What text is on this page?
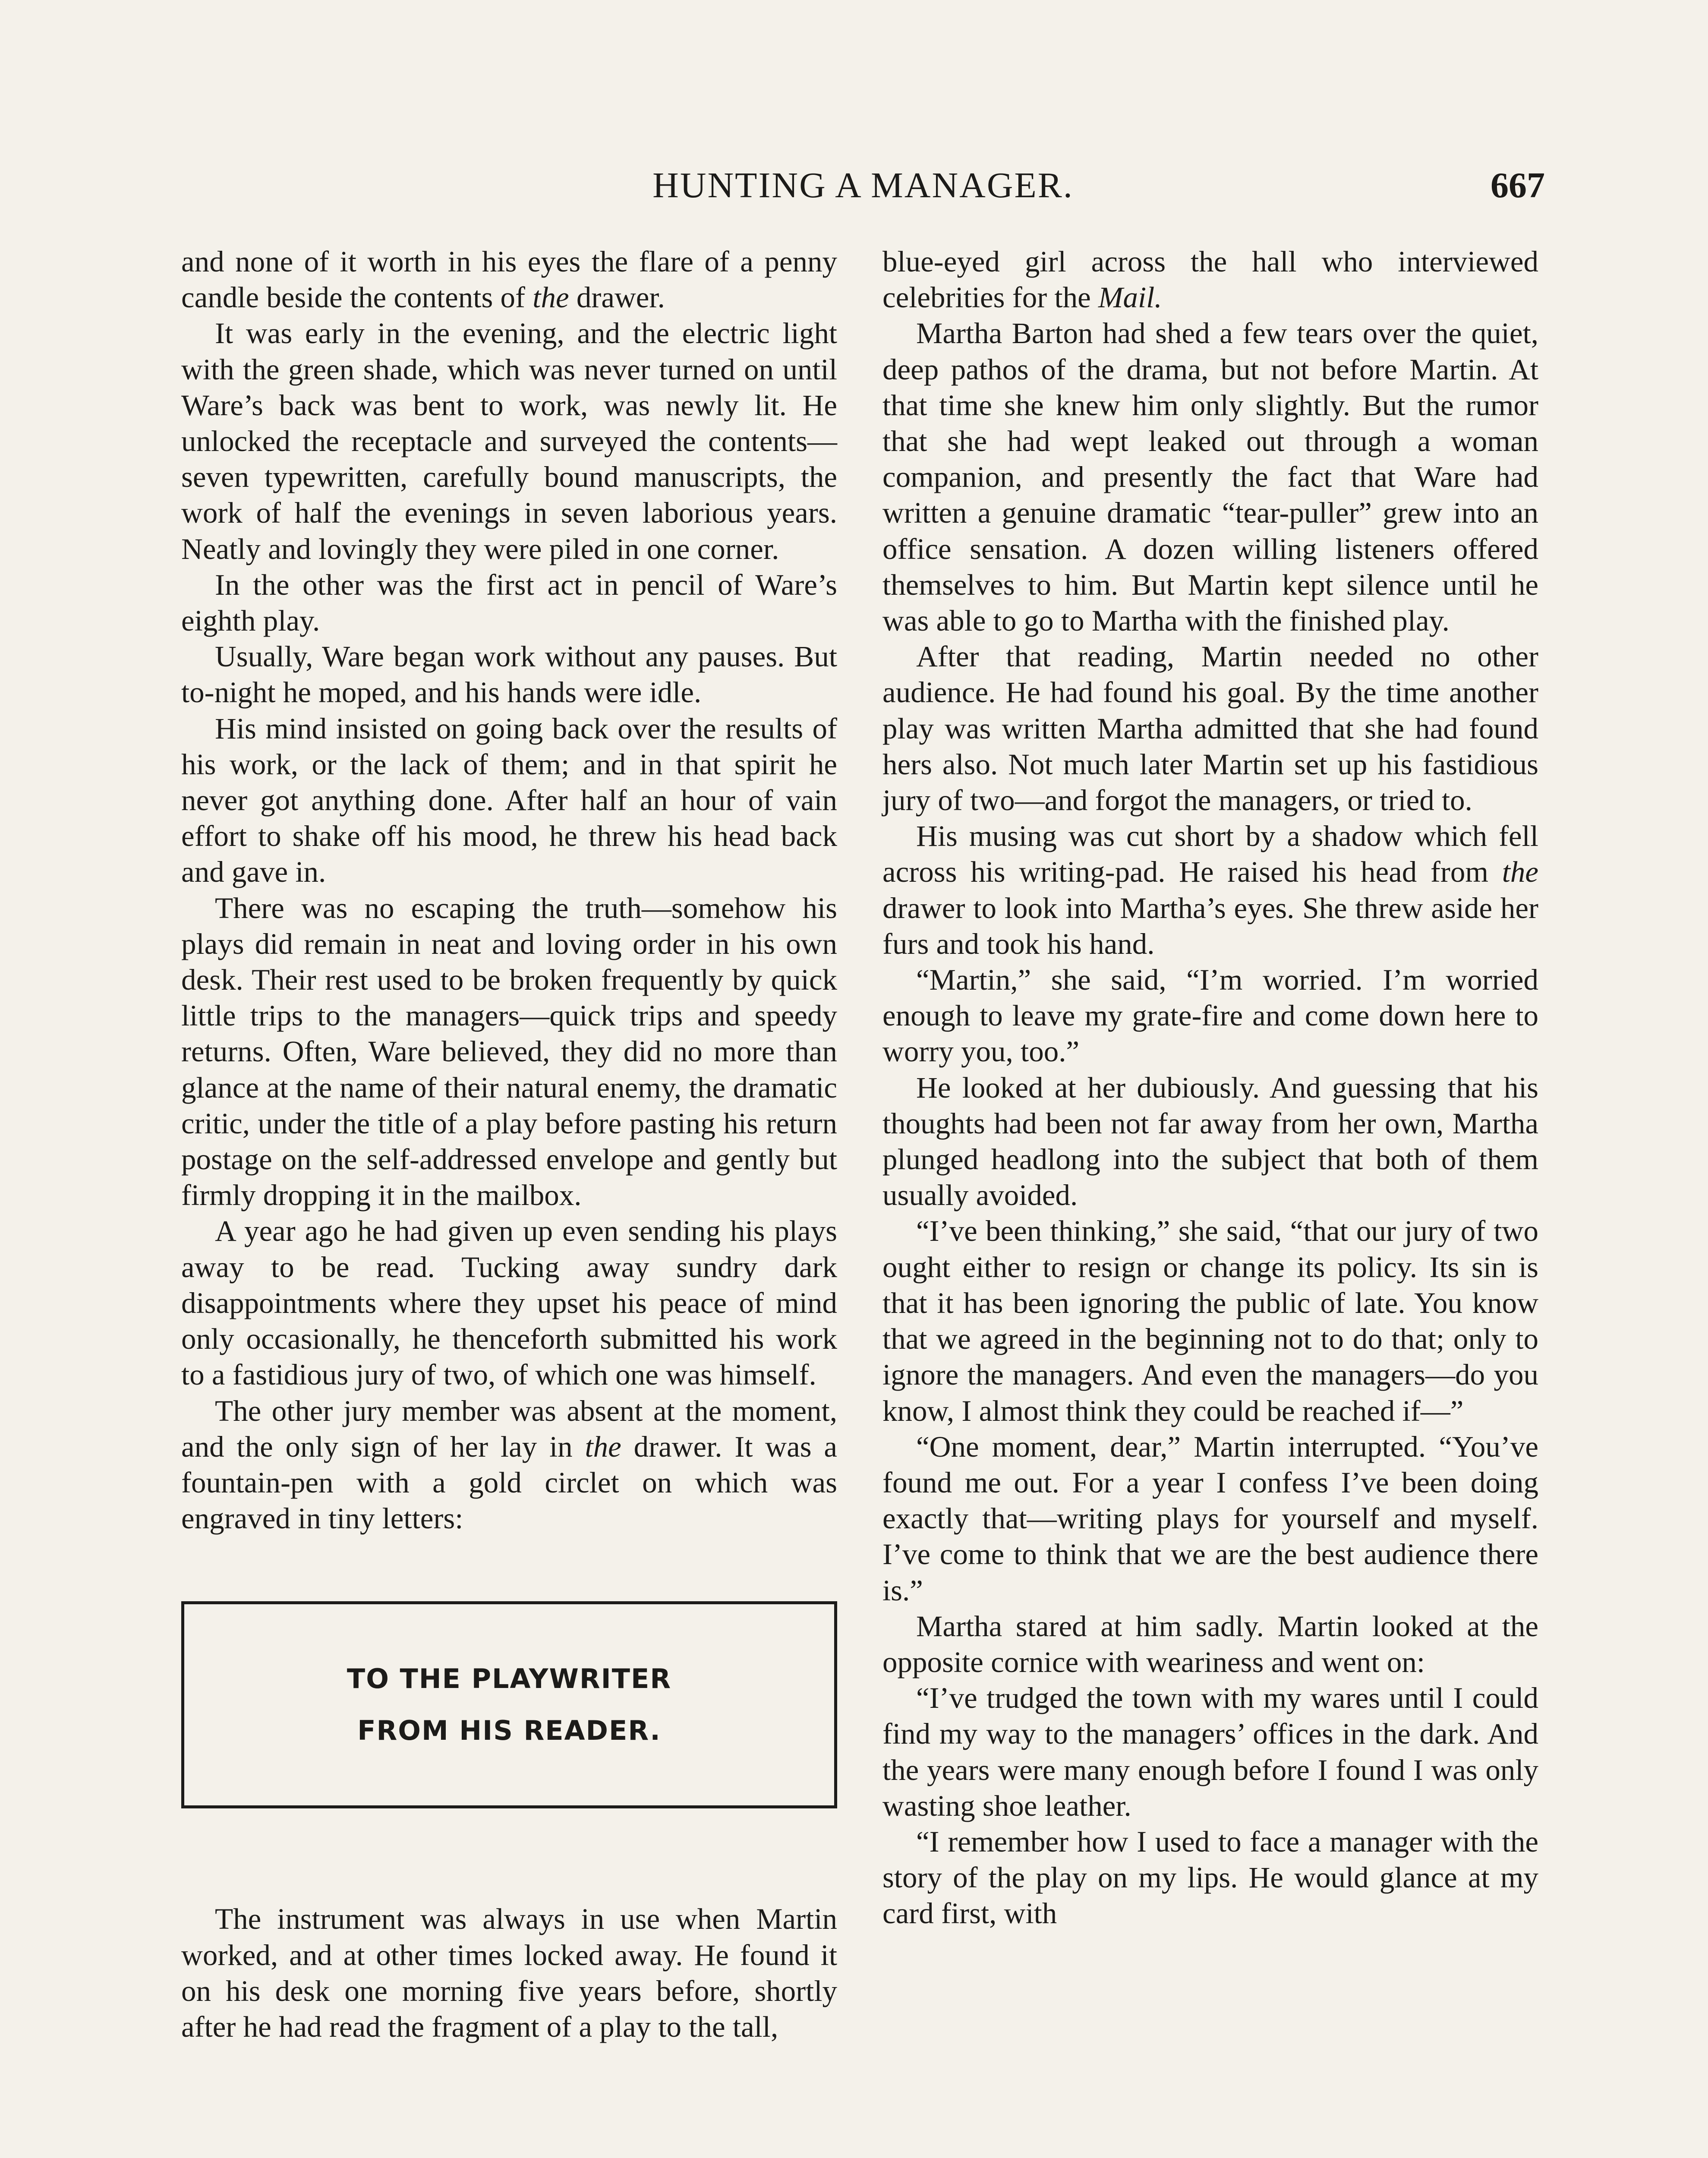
HUNTING A MANAGER.	667

and none of it worth in his eyes the flare of a penny candle beside the contents of the drawer.

It was early in the evening, and the electric light with the green shade, which was never turned on until Ware’s back was bent to work, was newly lit. He unlocked the receptacle and surveyed the contents—seven typewritten, carefully bound manuscripts, the work of half the evenings in seven laborious years. Neatly and lovingly they were piled in one corner.

In the other was the first act in pencil of Ware’s eighth play.

Usually, Ware began work without any pauses. But to-night he moped, and his hands were idle.

His mind insisted on going back over the results of his work, or the lack of them; and in that spirit he never got anything done. After half an hour of vain effort to shake off his mood, he threw his head back and gave in.

There was no escaping the truth—somehow his plays did remain in neat and loving order in his own desk. Their rest used to be broken frequently by quick little trips to the managers—quick trips and speedy returns. Often, Ware believed, they did no more than glance at the name of their natural enemy, the dramatic critic, under the title of a play before pasting his return postage on the self-addressed envelope and gently but firmly dropping it in the mailbox.

A year ago he had given up even sending his plays away to be read. Tucking away sundry dark disappointments where they upset his peace of mind only occasionally, he thenceforth submitted his work to a fastidious jury of two, of which one was himself.

The other jury member was absent at the moment, and the only sign of her lay in the drawer. It was a fountain-pen with a gold circlet on which was engraved in tiny letters:

TO THE PLAYWRITER
FROM HIS READER.

The instrument was always in use when Martin worked, and at other times locked away. He found it on his desk one morning five years before, shortly after he had read the fragment of a play to the tall,

blue-eyed girl across the hall who interviewed celebrities for the Mail.

Martha Barton had shed a few tears over the quiet, deep pathos of the drama, but not before Martin. At that time she knew him only slightly. But the rumor that she had wept leaked out through a woman companion, and presently the fact that Ware had written a genuine dramatic “tear-puller” grew into an office sensation. A dozen willing listeners offered themselves to him. But Martin kept silence until he was able to go to Martha with the finished play.

After that reading, Martin needed no other audience. He had found his goal. By the time another play was written Martha admitted that she had found hers also. Not much later Martin set up his fastidious jury of two—and forgot the managers, or tried to.

His musing was cut short by a shadow which fell across his writing-pad. He raised his head from the drawer to look into Martha’s eyes. She threw aside her furs and took his hand.

“Martin,” she said, “I’m worried. I’m worried enough to leave my grate-fire and come down here to worry you, too.”

He looked at her dubiously. And guessing that his thoughts had been not far away from her own, Martha plunged headlong into the subject that both of them usually avoided.

“I’ve been thinking,” she said, “that our jury of two ought either to resign or change its policy. Its sin is that it has been ignoring the public of late. You know that we agreed in the beginning not to do that; only to ignore the managers. And even the managers—do you know, I almost think they could be reached if—”

“One moment, dear,” Martin interrupted. “You’ve found me out. For a year I confess I’ve been doing exactly that—writing plays for yourself and myself. I’ve come to think that we are the best audience there is.”

Martha stared at him sadly. Martin looked at the opposite cornice with weariness and went on:

“I’ve trudged the town with my wares until I could find my way to the managers’ offices in the dark. And the years were many enough before I found I was only wasting shoe leather.

“I remember how I used to face a manager with the story of the play on my lips. He would glance at my card first, with
